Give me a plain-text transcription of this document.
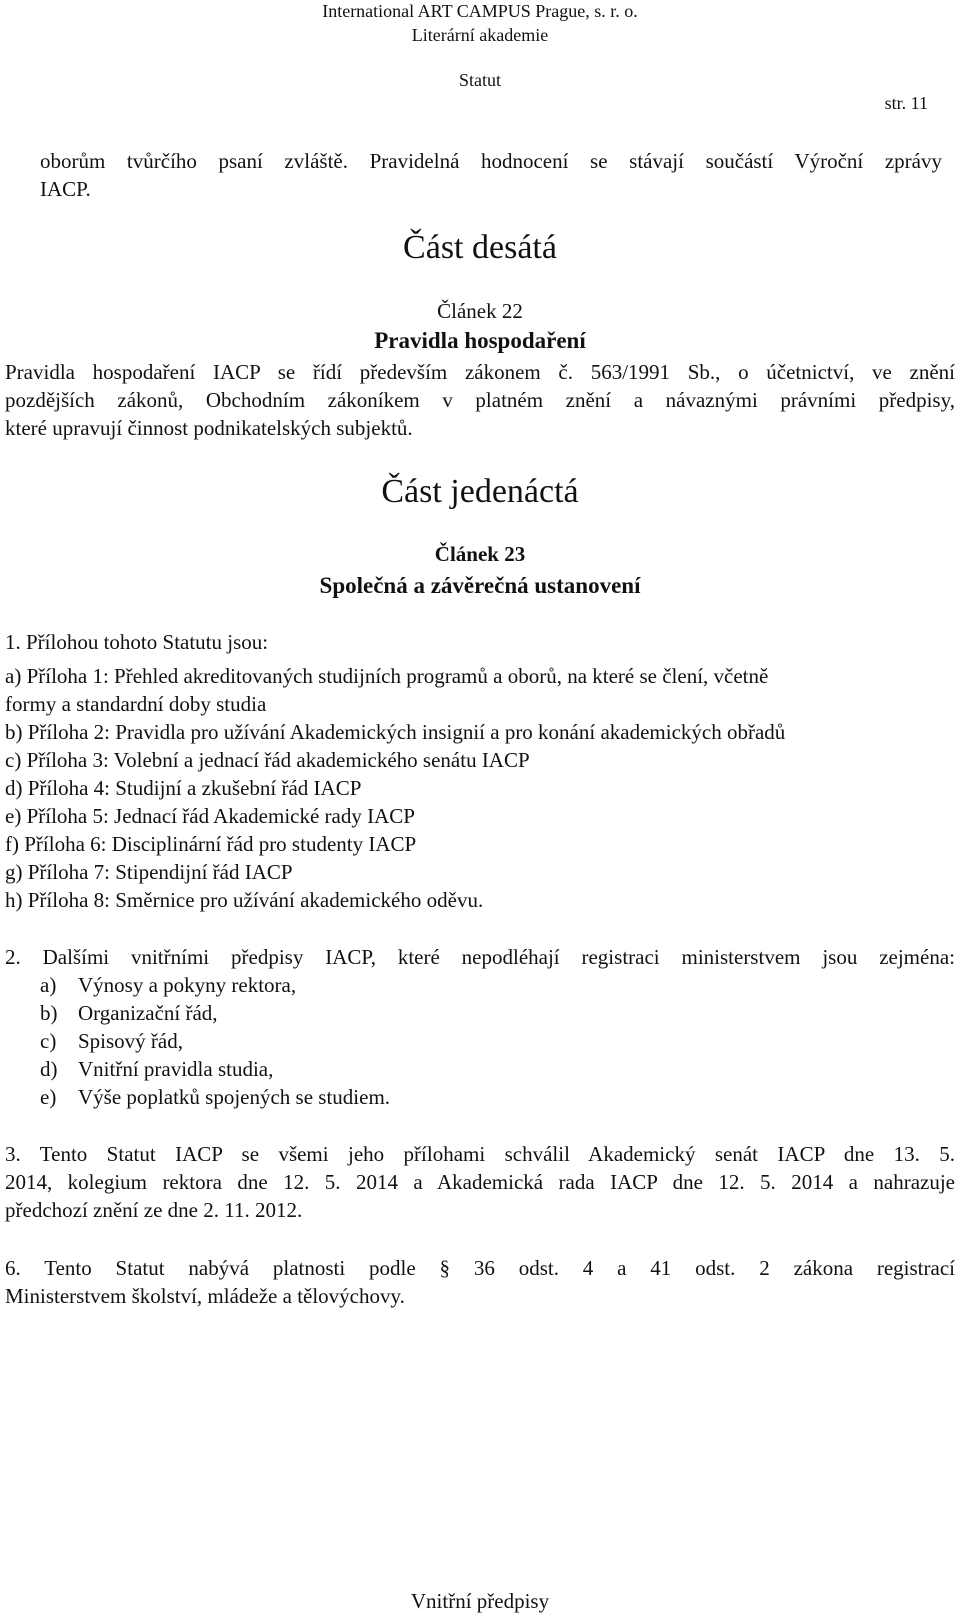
International ART CAMPUS Prague, s. r. o.
Literární akademie
Statut
str. 11
oborům tvůrčího psaní zvláště. Pravidelná hodnocení se stávají součástí Výroční zprávy
IACP.
Část desátá
Článek 22
Pravidla hospodaření
Pravidla hospodaření IACP se řídí především zákonem č. 563/1991 Sb., o účetnictví, ve znění
pozdějších zákonů, Obchodním zákoníkem v platném znění a návaznými právními předpisy,
které upravují činnost podnikatelských subjektů.
Část jedenáctá
Článek 23
Společná a závěrečná ustanovení
1. Přílohou tohoto Statutu jsou:
a) Příloha 1: Přehled akreditovaných studijních programů a oborů, na které se člení, včetně
formy a standardní doby studia
b) Příloha 2: Pravidla pro užívání Akademických insignií a pro konání akademických obřadů
c) Příloha 3: Volební a jednací řád akademického senátu IACP
d) Příloha 4: Studijní a zkušební řád IACP
e) Příloha 5: Jednací řád Akademické rady IACP
f) Příloha 6: Disciplinární řád pro studenty IACP
g) Příloha 7: Stipendijní řád IACP
h) Příloha 8: Směrnice pro užívání akademického oděvu.
2. Dalšími vnitřními předpisy IACP, které nepodléhají registraci ministerstvem jsou zejména:
a) Výnosy a pokyny rektora,
b) Organizační řád,
c) Spisový řád,
d) Vnitřní pravidla studia,
e) Výše poplatků spojených se studiem.
3. Tento Statut IACP se všemi jeho přílohami schválil Akademický senát IACP dne 13. 5.
2014, kolegium rektora dne 12. 5. 2014 a Akademická rada IACP dne 12. 5. 2014 a nahrazuje
předchozí znění ze dne 2. 11. 2012.
6. Tento Statut nabývá platnosti podle § 36 odst. 4 a 41 odst. 2 zákona registrací
Ministerstvem školství, mládeže a tělovýchovy.
Vnitřní předpisy
